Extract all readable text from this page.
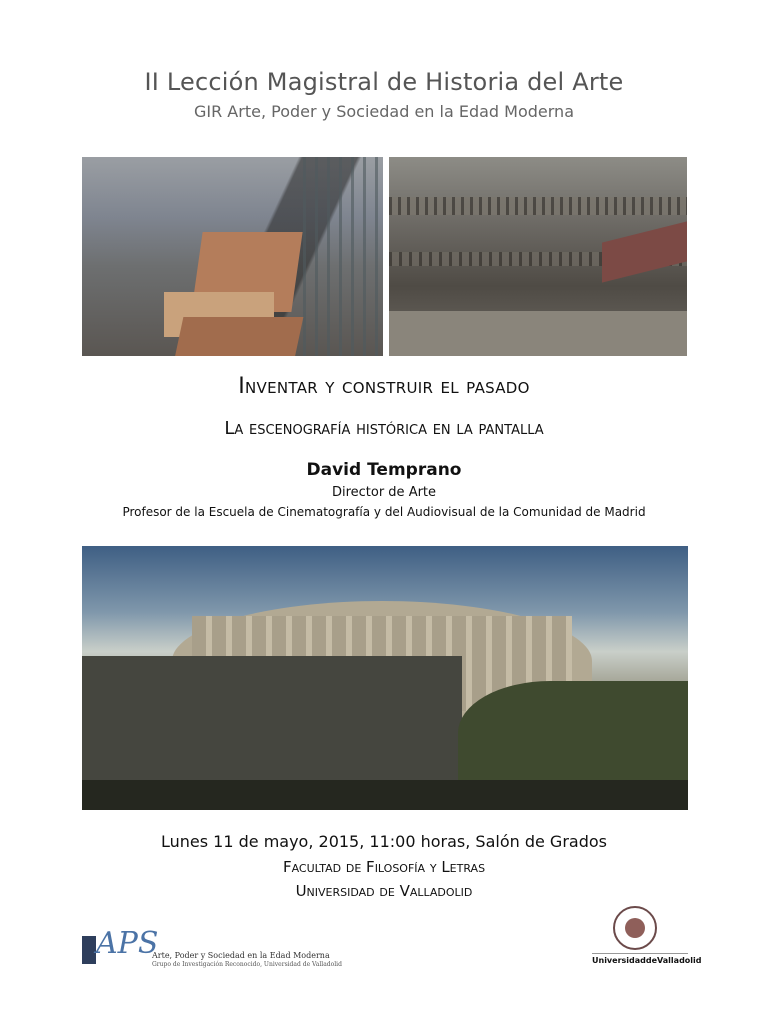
II Lección Magistral de Historia del Arte
GIR Arte, Poder y Sociedad en la Edad Moderna
Inventar y construir el pasado
La escenografía histórica en la pantalla
David Temprano
Director de Arte
Profesor de la Escuela de Cinematografía y del Audiovisual de la Comunidad de Madrid
Lunes 11 de mayo, 2015, 11:00 horas, Salón de Grados
Facultad de Filosofía y Letras
Universidad de Valladolid
APS
Arte, Poder y Sociedad en la Edad Moderna
Grupo de Investigación Reconocido, Universidad de Valladolid	UniversidaddeValladolid
